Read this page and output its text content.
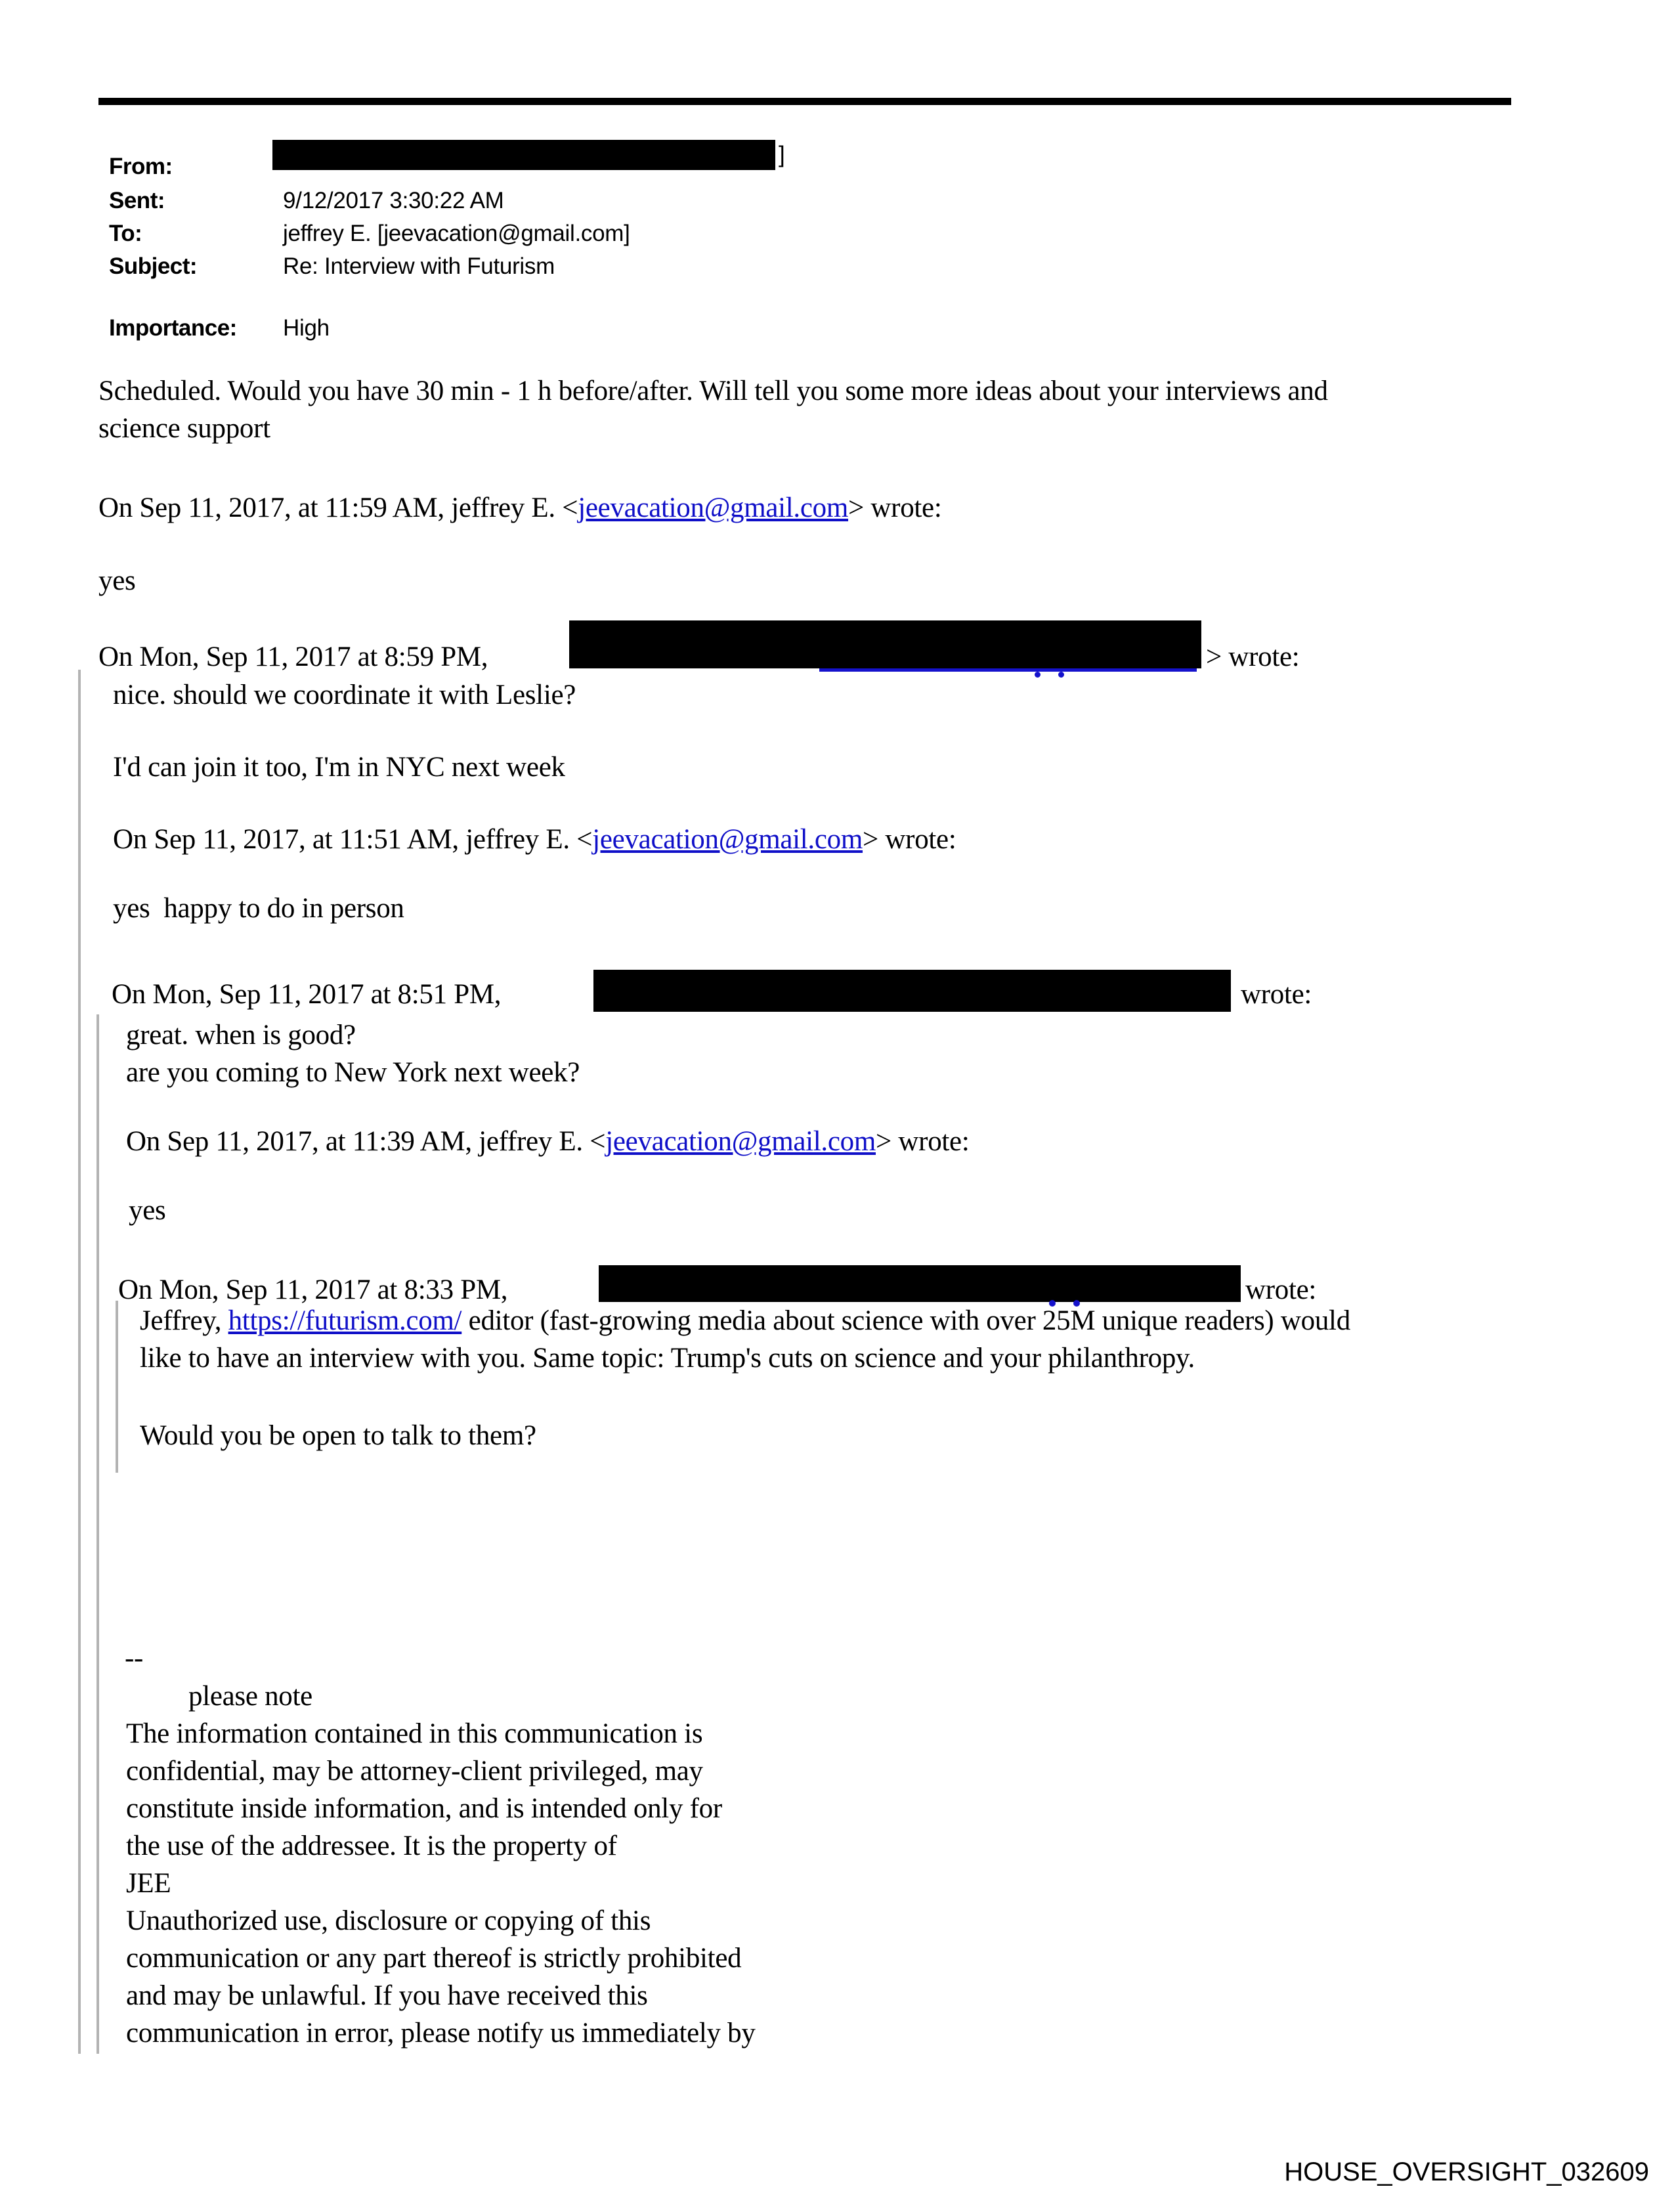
From:
	]

Sent:	9/12/2017 3:30:22 AM

To:	jeffrey E. [jeevacation@gmail.com]

Subject:	Re: Interview with Futurism

Importance: High

Scheduled. Would you have 30 min - 1 h before/after. Will tell you some more ideas about your interviews and
science support
On Sep 11, 2017, at 11:59 AM, jeffrey E. <jeevacation@gmail.com> wrote:
yes
On Mon, Sep 11, 2017 at 8:59 PM,	> wrote:
nice. should we coordinate it with Leslie?
I'd can join it too, I'm in NYC next week
On Sep 11, 2017, at 11:51 AM, jeffrey E. <jeevacation@gmail.com> wrote:
yes  happy to do in person
On Mon, Sep 11, 2017 at 8:51 PM,	wrote:
great. when is good?
are you coming to New York next week?
On Sep 11, 2017, at 11:39 AM, jeffrey E. <jeevacation@gmail.com> wrote:
yes
On Mon, Sep 11, 2017 at 8:33 PM,	wrote:
Jeffrey, https://futurism.com/ editor (fast-growing media about science with over 25M unique readers) would
like to have an interview with you. Same topic: Trump's cuts on science and your philanthropy.
Would you be open to talk to them?
--
please note
The information contained in this communication is
confidential, may be attorney-client privileged, may
constitute inside information, and is intended only for
the use of the addressee. It is the property of
JEE
Unauthorized use, disclosure or copying of this
communication or any part thereof is strictly prohibited
and may be unlawful. If you have received this
communication in error, please notify us immediately by
HOUSE_OVERSIGHT_032609
